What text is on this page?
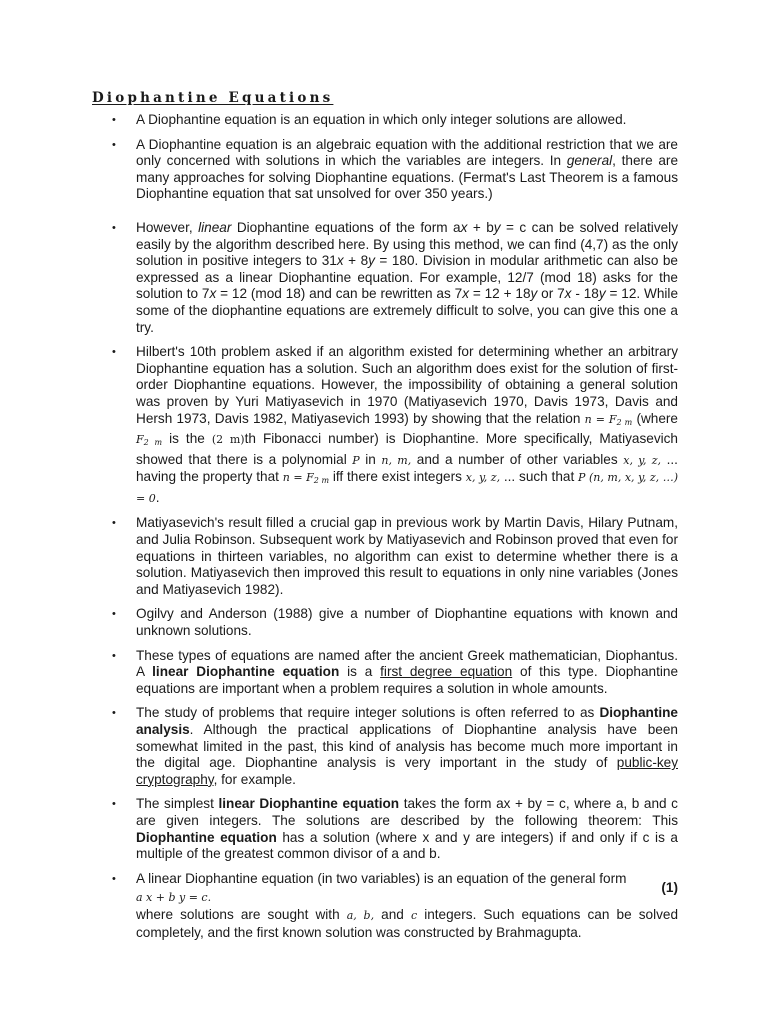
Diophantine Equations
• A Diophantine equation is an equation in which only integer solutions are allowed.
• A Diophantine equation is an algebraic equation with the additional restriction that we are only concerned with solutions in which the variables are integers. In general, there are many approaches for solving Diophantine equations. (Fermat's Last Theorem is a famous Diophantine equation that sat unsolved for over 350 years.)
• However, linear Diophantine equations of the form ax + by = c can be solved relatively easily by the algorithm described here. By using this method, we can find (4,7) as the only solution in positive integers to 31x + 8y = 180. Division in modular arithmetic can also be expressed as a linear Diophantine equation. For example, 12/7 (mod 18) asks for the solution to 7x = 12 (mod 18) and can be rewritten as 7x = 12 + 18y or 7x - 18y = 12. While some of the diophantine equations are extremely difficult to solve, you can give this one a try.
• Hilbert's 10th problem asked if an algorithm existed for determining whether an arbitrary Diophantine equation has a solution. Such an algorithm does exist for the solution of first-order Diophantine equations. However, the impossibility of obtaining a general solution was proven by Yuri Matiyasevich in 1970 (Matiyasevich 1970, Davis 1973, Davis and Hersh 1973, Davis 1982, Matiyasevich 1993) by showing that the relation $n = F_{2 m}$ (where $F_{2 m}$ is the (2 m)th Fibonacci number) is Diophantine. More specifically, Matiyasevich showed that there is a polynomial P in n, m, and a number of other variables x, y, z, ... having the property that $n = F_{2 m}$ iff there exist integers x, y, z, ... such that P (n, m, x, y, z, …) = 0.
• Matiyasevich's result filled a crucial gap in previous work by Martin Davis, Hilary Putnam, and Julia Robinson. Subsequent work by Matiyasevich and Robinson proved that even for equations in thirteen variables, no algorithm can exist to determine whether there is a solution. Matiyasevich then improved this result to equations in only nine variables (Jones and Matiyasevich 1982).
• Ogilvy and Anderson (1988) give a number of Diophantine equations with known and unknown solutions.
• These types of equations are named after the ancient Greek mathematician, Diophantus. A linear Diophantine equation is a first degree equation of this type. Diophantine equations are important when a problem requires a solution in whole amounts.
• The study of problems that require integer solutions is often referred to as Diophantine analysis. Although the practical applications of Diophantine analysis have been somewhat limited in the past, this kind of analysis has become much more important in the digital age. Diophantine analysis is very important in the study of public-key cryptography, for example.
• The simplest linear Diophantine equation takes the form ax + by = c, where a, b and c are given integers. The solutions are described by the following theorem: This Diophantine equation has a solution (where x and y are integers) if and only if c is a multiple of the greatest common divisor of a and b.
• A linear Diophantine equation (in two variables) is an equation of the general form
(1)
a x + b y = c.
where solutions are sought with a, b, and c integers. Such equations can be solved completely, and the first known solution was constructed by Brahmagupta.
